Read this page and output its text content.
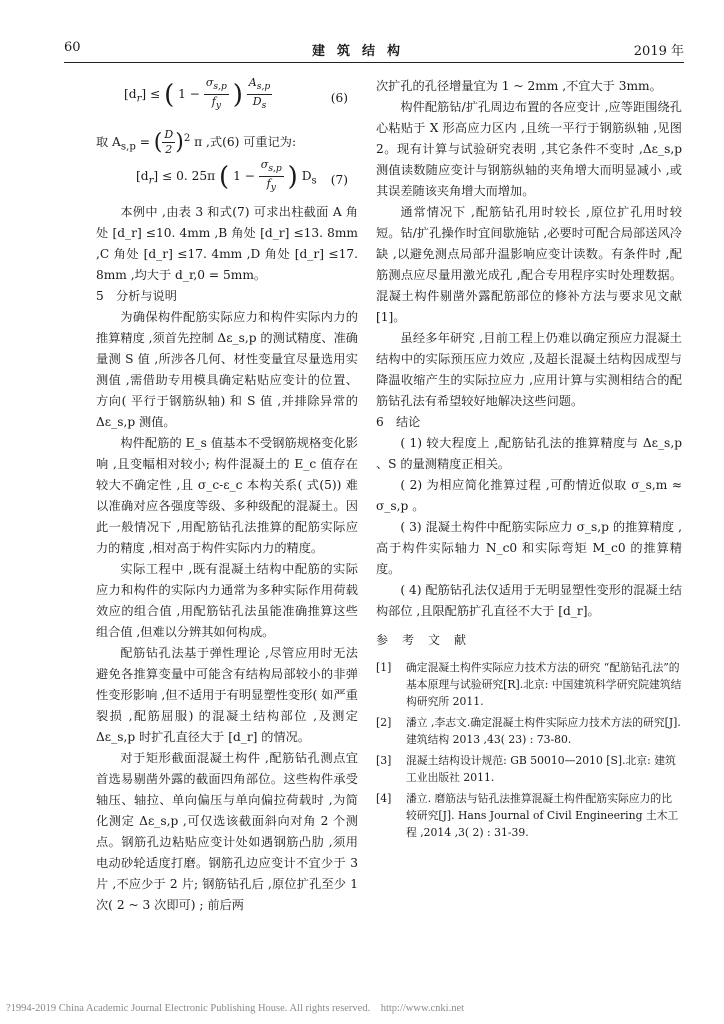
60	建筑结构	2019 年
$[d_r]$ ≤ ( $1 - \frac{\sigma_{s,p}}{f_y}$ ) $\frac{A_{s,p}}{D_s}$	(6)
取 $A_{s,p}$ = ( $\frac{D}{2} )^2$ π ,式(6) 可重记为:
$[d_r] \le 0$. 25π ( $1 - \frac{\sigma_{s,p}}{f_y}$ ) $D_s$ (7)

本例中 ,由表 3 和式(7) 可求出柱截面 A 角处 [d_r] ≤10. 4mm ,B 角处 [d_r] ≤13. 8mm ,C 角处 [d_r] ≤17. 4mm ,D 角处 [d_r] ≤17. 8mm ,均大于 d_r,0 = 5mm。

5　分析与说明

为确保构件配筋实际应力和构件实际内力的推算精度 ,须首先控制 Δε_s,p 的测试精度、准确量测 S 值 ,所涉各几何、材性变量宜尽量选用实测值 ,需借助专用模具确定粘贴应变计的位置、方向( 平行于钢筋纵轴) 和 S 值 ,并排除异常的 Δε_s,p 测值。

构件配筋的 E_s 值基本不受钢筋规格变化影响 ,且变幅相对较小; 构件混凝土的 E_c 值存在较大不确定性 ,且 σ_c-ε_c 本构关系( 式(5)) 难以准确对应各强度等级、多种级配的混凝土。因此一般情况下 ,用配筋钻孔法推算的配筋实际应力的精度 ,相对高于构件实际内力的精度。

实际工程中 ,既有混凝土结构中配筋的实际应力和构件的实际内力通常为多种实际作用荷载效应的组合值 ,用配筋钻孔法虽能准确推算这些组合值 ,但难以分辨其如何构成。

配筋钻孔法基于弹性理论 ,尽管应用时无法避免各推算变量中可能含有结构局部较小的非弹性变形影响 ,但不适用于有明显塑性变形( 如严重裂损 ,配筋屈服) 的混凝土结构部位 ,及测定 Δε_s,p 时扩孔直径大于 [d_r] 的情况。

对于矩形截面混凝土构件 ,配筋钻孔测点宜首选易剔凿外露的截面四角部位。这些构件承受轴压、轴拉、单向偏压与单向偏拉荷载时 ,为简化测定 Δε_s,p ,可仅选该截面斜向对角 2 个测点。钢筋孔边粘贴应变计处如遇钢筋凸肋 ,须用电动砂轮适度打磨。钢筋孔边应变计不宜少于 3 片 ,不应少于 2 片; 钢筋钻孔后 ,原位扩孔至少 1 次( 2 ~ 3 次即可) ; 前后两

次扩孔的孔径增量宜为 1 ~ 2mm ,不宜大于 3mm。

构件配筋钻/扩孔周边布置的各应变计 ,应等距围绕孔心粘贴于 X 形高应力区内 ,且统一平行于钢筋纵轴 ,见图 2。现有计算与试验研究表明 ,其它条件不变时 ,Δε_s,p 测值读数随应变计与钢筋纵轴的夹角增大而明显减小 ,或其误差随该夹角增大而增加。

通常情况下 ,配筋钻孔用时较长 ,原位扩孔用时较短。钻/扩孔操作时宜间歇施钻 ,必要时可配合局部送风冷缺 ,以避免测点局部升温影响应变计读数。有条件时 ,配筋测点应尽量用激光成孔 ,配合专用程序实时处理数据。混凝土构件剔凿外露配筋部位的修补方法与要求见文献[1]。

虽经多年研究 ,目前工程上仍难以确定预应力混凝土结构中的实际预压应力效应 ,及超长混凝土结构因成型与降温收缩产生的实际拉应力 ,应用计算与实测相结合的配筋钻孔法有希望较好地解决这些问题。

6　结论

( 1) 较大程度上 ,配筋钻孔法的推算精度与 Δε_s,p 、S 的量测精度正相关。

( 2) 为相应简化推算过程 ,可酌情近似取 σ_s,m ≈ σ_s,p 。

( 3) 混凝土构件中配筋实际应力 σ_s,p 的推算精度 ,高于构件实际轴力 N_c0 和实际弯矩 M_c0 的推算精度。

( 4) 配筋钻孔法仅适用于无明显塑性变形的混凝土结构部位 ,且限配筋扩孔直径不大于 [d_r]。

参考文献

[1]	确定混凝土构件实际应力技术方法的研究 “配筋钻孔法”的基本原理与试验研究[R].北京: 中国建筑科学研究院建筑结构研究所 2011.
[2]	潘立 ,李志文.确定混凝土构件实际应力技术方法的研究[J].建筑结构 2013 ,43( 23) : 73-80.
[3]	混凝土结构设计规范: GB 50010—2010 [S].北京: 建筑工业出版社 2011.
[4]	潘立. 磨筋法与钻孔法推算混凝土构件配筋实际应力的比较研究[J]. Hans Journal of Civil Engineering 土木工程 ,2014 ,3( 2) : 31-39.
?1994-2019 China Academic Journal Electronic Publishing House. All rights reserved.　http://www.cnki.net
